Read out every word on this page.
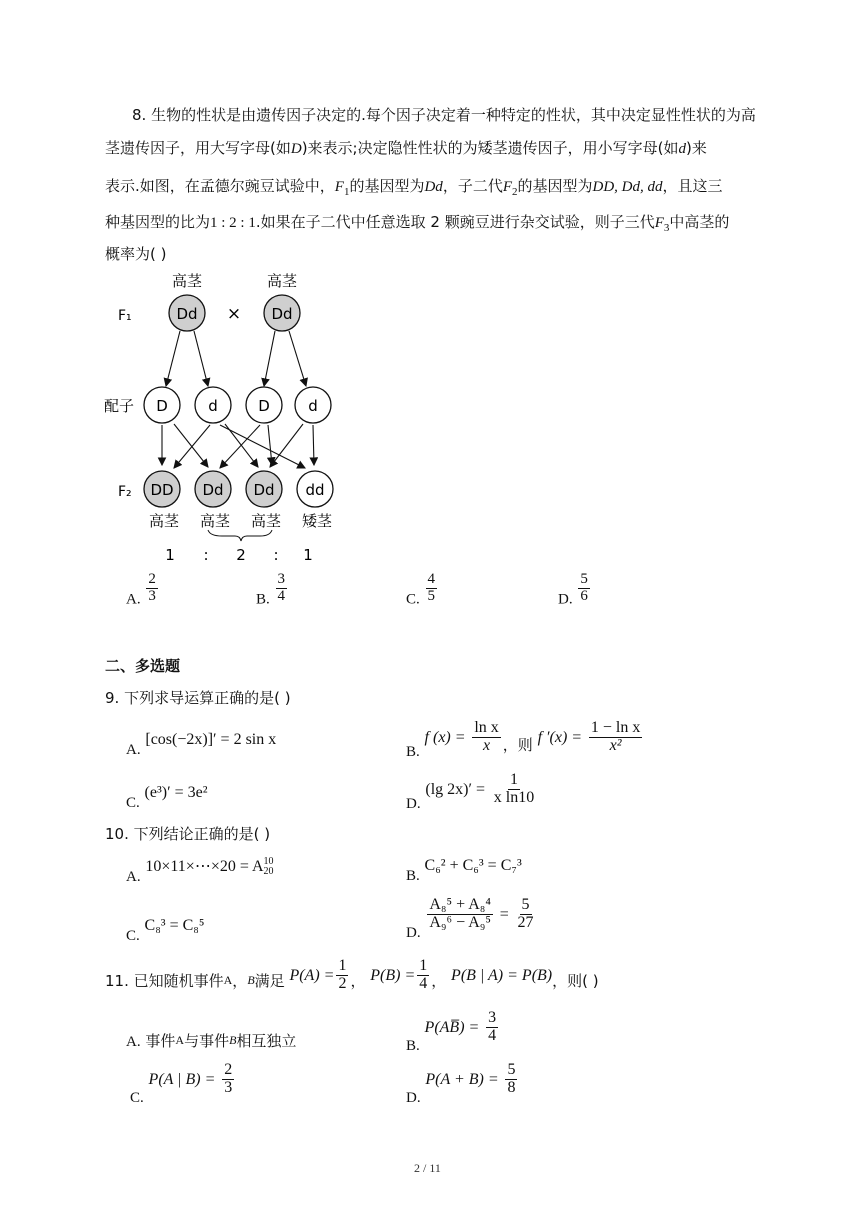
8. 生物的性状是由遗传因子决定的.每个因子决定着一种特定的性状，其中决定显性性状的为高
茎遗传因子，用大写字母(如D)来表示;决定隐性性状的为矮茎遗传因子，用小写字母(如d)来
表示.如图，在孟德尔豌豆试验中，$F_1$的基因型为Dd，子二代$F_2$的基因型为DD, Dd, dd，且这三
种基因型的比为1 : 2 : 1.如果在子二代中任意选取 2 颗豌豆进行杂交试验，则子三代$F_3$中高茎的
概率为( )
高茎	高茎
F₁	Dd × Dd
配子 D	d	D	d
F₂ DD Dd Dd dd
高茎 高茎 高茎 矮茎
1 : 2 : 1
A. $\frac{2}{3}$	B. $\frac{3}{4}$	C. $\frac{4}{5}$	D. $\frac{5}{6}$
二、多选题
9. 下列求导运算正确的是( )
A. [cos(−2x)]′ = 2 sin x
B. f $(x) = \frac{\text{ln x}}{x}$ ，则 f $'(x) = \frac{\text{1 − ln x}}{\text{x²}}$
C. (e³)′ = 3e²
D. (lg $2x)' = \frac{1}{\text{x ln10}}$
10. 下列结论正确的是( )
A. 10×11×⋯×20 = A 10
20	B. C₆² + C₆³ = C₇³
C. C₈³ = C₈⁵	D.
$\frac{\text{A₈⁵ + A₈⁴}}{\text{A₉⁶ − A₉⁵}} = \frac{5}{27}$
11. 已知随机事件$_A$，$_B$满足 $P(A) = \frac{1}{2}$ ， $P(B) = \frac{1}{4}$ ， P(B | A) = P(B)，则( )
A. 事件A与事件B相互独立	B. P(AB̅) = $\frac{3}{4}$
C. P(A | $B) = \frac{2}{3}$
D. $P(A + B) = \frac{5}{8}$
2 / 11
